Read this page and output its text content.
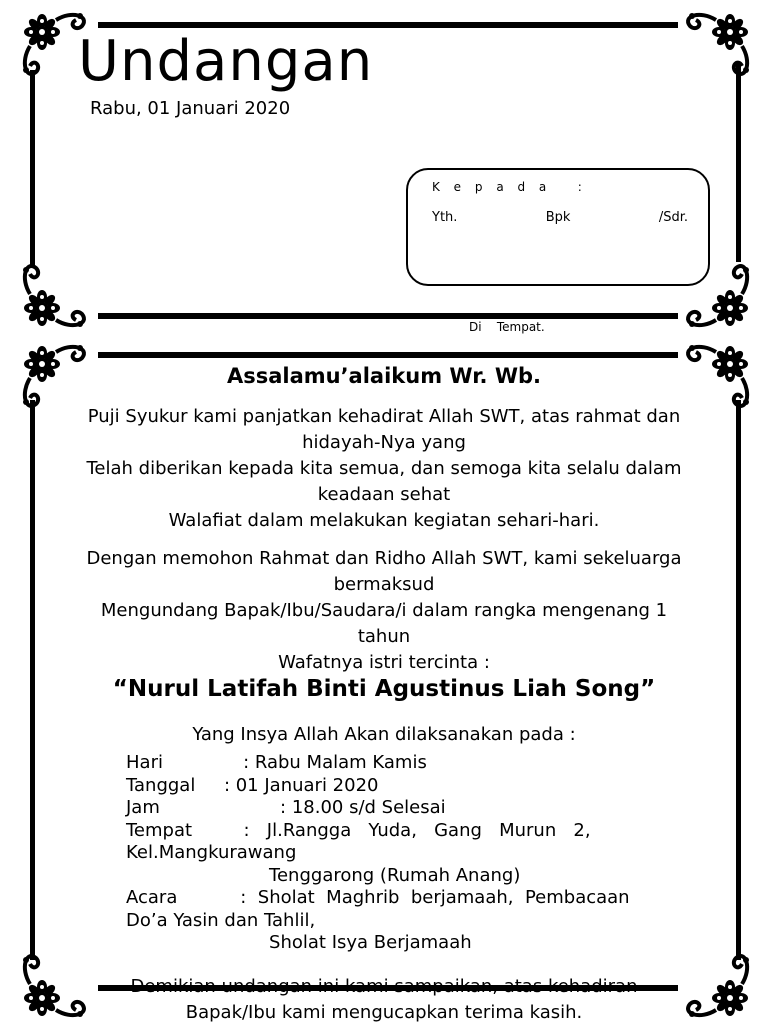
Undangan
Rabu, 01 Januari 2020
K e p a d a   :
Yth.	Bpk	/Sdr.
Di    Tempat.
Assalamu’alaikum Wr. Wb.
Puji Syukur kami panjatkan kehadirat Allah SWT, atas rahmat dan
hidayah-Nya yang
Telah diberikan kepada kita semua, dan semoga kita selalu dalam
keadaan sehat
Walafiat dalam melakukan kegiatan sehari-hari.
Dengan memohon Rahmat dan Ridho Allah SWT, kami sekeluarga
bermaksud
Mengundang Bapak/Ibu/Saudara/i dalam rangka mengenang 1
tahun
Wafatnya istri tercinta :
“Nurul Latifah Binti Agustinus Liah Song”
Yang Insya Allah Akan dilaksanakan pada :
Hari              : Rabu Malam Kamis
Tanggal     : 01 Januari 2020
Jam                     : 18.00 s/d Selesai
Tempat         :   Jl.Rangga   Yuda,   Gang   Murun   2,
Kel.Mangkurawang
Tenggarong (Rumah Anang)
Acara           :  Sholat  Maghrib  berjamaah,  Pembacaan
Do’a Yasin dan Tahlil,
Sholat Isya Berjamaah
Demikian undangan ini kami sampaikan, atas kehadiran
Bapak/Ibu kami mengucapkan terima kasih.
